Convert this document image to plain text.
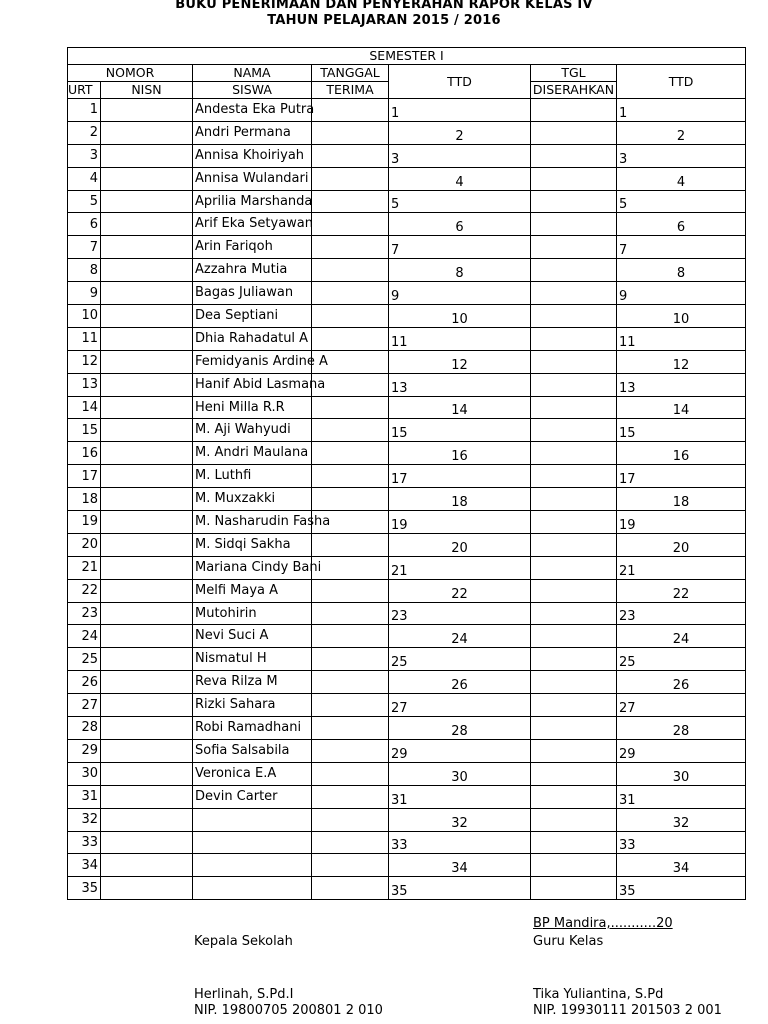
BUKU PENERIMAAN DAN PENYERAHAN RAPOR KELAS IV
TAHUN PELAJARAN 2015 / 2016
SEMESTER I						
NOMOR		NAMA	TANGGAL	TTD	TGL	TTD
URT	NISN	SISWA	TERIMA		DISERAHKAN	
1		Andesta Eka Putra		1		1
2		Andri Permana		2		2
3		Annisa Khoiriyah		3		3
4		Annisa Wulandari		4		4
5		Aprilia Marshanda		5		5
6		Arif Eka Setyawan		6		6
7		Arin Fariqoh		7		7
8		Azzahra Mutia		8		8
9		Bagas Juliawan		9		9
10		Dea Septiani		10		10
11		Dhia Rahadatul A		11		11
12		Femidyanis Ardine A		12		12
13		Hanif Abid Lasmana		13		13
14		Heni Milla R.R		14		14
15		M. Aji Wahyudi		15		15
16		M. Andri Maulana		16		16
17		M. Luthfi		17		17
18		M. Muxzakki		18		18
19		M. Nasharudin Fasha		19		19
20		M. Sidqi Sakha		20		20
21		Mariana Cindy Bani		21		21
22		Melfi Maya A		22		22
23		Mutohirin		23		23
24		Nevi Suci A		24		24
25		Nismatul H		25		25
26		Reva Rilza M		26		26
27		Rizki Sahara		27		27
28		Robi Ramadhani		28		28
29		Sofia Salsabila		29		29
30		Veronica E.A		30		30
31		Devin Carter		31		31
32				32		32
33				33		33
34				34		34
35				35		35
BP Mandira,...........20
Kepala Sekolah	Guru Kelas
Herlinah, S.Pd.I	Tika Yuliantina, S.Pd
NIP. 19800705 200801 2 010	NIP. 19930111 201503 2 001
